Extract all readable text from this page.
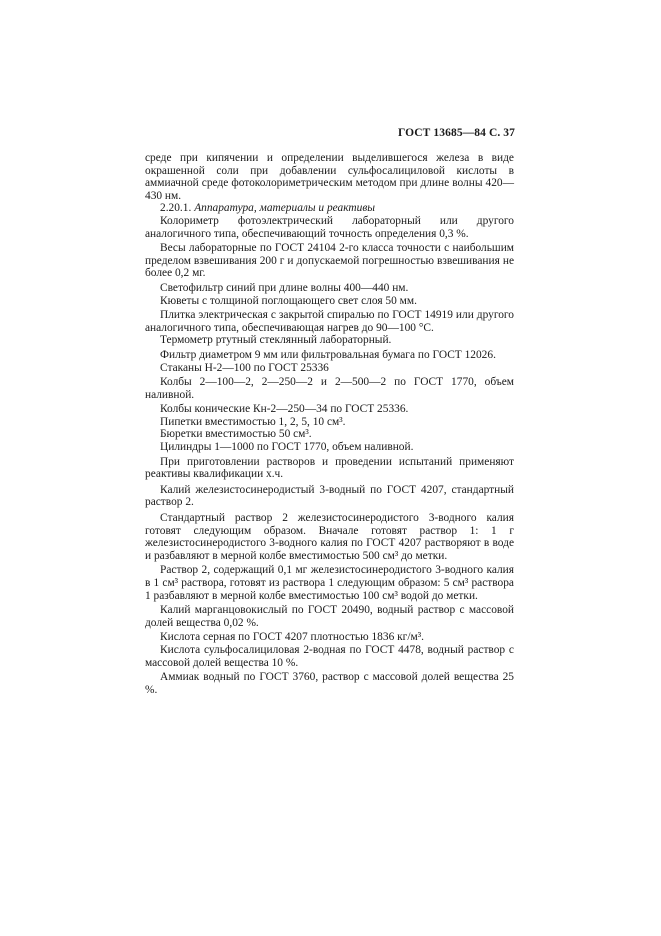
ГОСТ 13685—84 С. 37

среде при кипячении и определении выделившегося железа в виде окрашенной соли при добавлении сульфосалициловой кислоты в аммиачной среде фотоколориметрическим методом при длине волны 420—430 нм.

2.20.1. Аппаратура, материалы и реактивы

Колориметр фотоэлектрический лабораторный или другого аналогичного типа, обеспечивающий точность определения 0,3 %.

Весы лабораторные по ГОСТ 24104 2-го класса точности с наибольшим пределом взвешивания 200 г и допускаемой погрешностью взвешивания не более 0,2 мг.

Светофильтр синий при длине волны 400—440 нм.

Кюветы с толщиной поглощающего свет слоя 50 мм.

Плитка электрическая с закрытой спиралью по ГОСТ 14919 или другого аналогичного типа, обеспечивающая нагрев до 90—100 °С.

Термометр ртутный стеклянный лабораторный.

Фильтр диаметром 9 мм или фильтровальная бумага по ГОСТ 12026.

Стаканы Н-2—100 по ГОСТ 25336

Колбы 2—100—2, 2—250—2 и 2—500—2 по ГОСТ 1770, объем наливной.

Колбы конические Кн-2—250—34 по ГОСТ 25336.

Пипетки вместимостью 1, 2, 5, 10 см³.

Бюретки вместимостью 50 см³.

Цилиндры 1—1000 по ГОСТ 1770, объем наливной.

При приготовлении растворов и проведении испытаний применяют реактивы квалификации х.ч.

Калий железистосинеродистый 3-водный по ГОСТ 4207, стандартный раствор 2.

Стандартный раствор 2 железистосинеродистого 3-водного калия готовят следующим образом. Вначале готовят раствор 1: 1 г железистосинеродистого 3-водного калия по ГОСТ 4207 растворяют в воде и разбавляют в мерной колбе вместимостью 500 см³ до метки.

Раствор 2, содержащий 0,1 мг железистосинеродистого 3-водного калия в 1 см³ раствора, готовят из раствора 1 следующим образом: 5 см³ раствора 1 разбавляют в мерной колбе вместимостью 100 см³ водой до метки.

Калий марганцовокислый по ГОСТ 20490, водный раствор с массовой долей вещества 0,02 %.

Кислота серная по ГОСТ 4207 плотностью 1836 кг/м³.

Кислота сульфосалициловая 2-водная по ГОСТ 4478, водный раствор с массовой долей вещества 10 %.

Аммиак водный по ГОСТ 3760, раствор с массовой долей вещества 25 %.
